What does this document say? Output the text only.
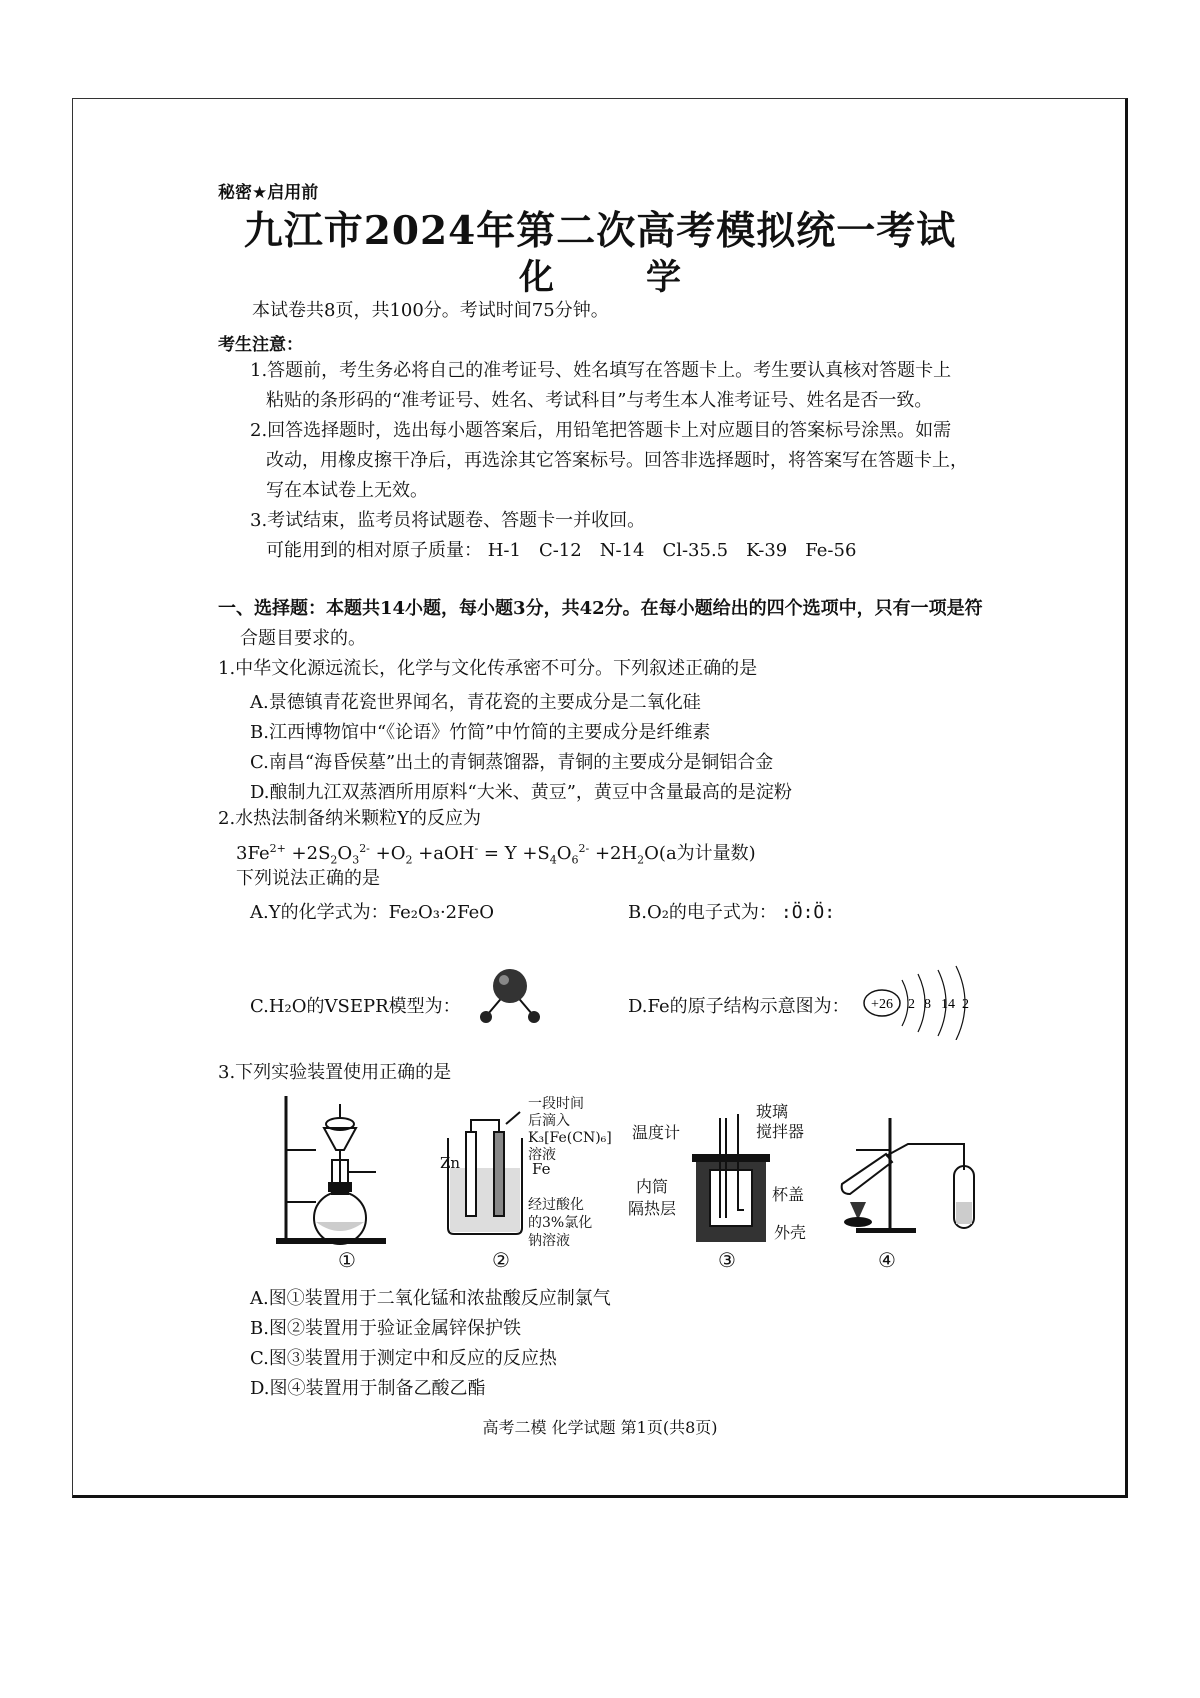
秘密★启用前
九江市2024年第二次高考模拟统一考试
化	学
本试卷共8页，共100分。考试时间75分钟。
考生注意：
1.答题前，考生务必将自己的准考证号、姓名填写在答题卡上。考生要认真核对答题卡上
粘贴的条形码的“准考证号、姓名、考试科目”与考生本人准考证号、姓名是否一致。
2.回答选择题时，选出每小题答案后，用铅笔把答题卡上对应题目的答案标号涂黑。如需
改动，用橡皮擦干净后，再选涂其它答案标号。回答非选择题时，将答案写在答题卡上，
写在本试卷上无效。
3.考试结束，监考员将试题卷、答题卡一并收回。
可能用到的相对原子质量： H-1　C-12　N-14　Cl-35.5　K-39　Fe-56
一、选择题：本题共14小题，每小题3分，共42分。在每小题给出的四个选项中，只有一项是符
合题目要求的。
1.中华文化源远流长，化学与文化传承密不可分。下列叙述正确的是
A.景德镇青花瓷世界闻名，青花瓷的主要成分是二氧化硅
B.江西博物馆中“《论语》竹简”中竹简的主要成分是纤维素
C.南昌“海昏侯墓”出土的青铜蒸馏器，青铜的主要成分是铜铝合金
D.酿制九江双蒸酒所用原料“大米、黄豆”，黄豆中含量最高的是淀粉
2.水热法制备纳米颗粒Y的反应为
$3Fe^{2+} +2S_2O_3^{2-} +O_2 +aOH^- = Y +S_4O_6^{2-} +2H_2O(a$为计量数)
下列说法正确的是
A.Y的化学式为：Fe₂O₃·2FeO	B.O₂的电子式为： :Ö:Ö:
C.H₂O的VSEPR模型为：	D.Fe的原子结构示意图为： +26 2 8 14 2
3.下列实验装置使用正确的是
①
一段时间
后滴入
K₃[Fe(CN)₆]
溶液
Zn	Fe
经过酸化
的3%氯化
钠溶液
②
温度计
玻璃
搅拌器
内筒
隔热层
杯盖
外壳
③	④
A.图①装置用于二氧化锰和浓盐酸反应制氯气
B.图②装置用于验证金属锌保护铁
C.图③装置用于测定中和反应的反应热
D.图④装置用于制备乙酸乙酯
高考二模 化学试题 第1页(共8页)
